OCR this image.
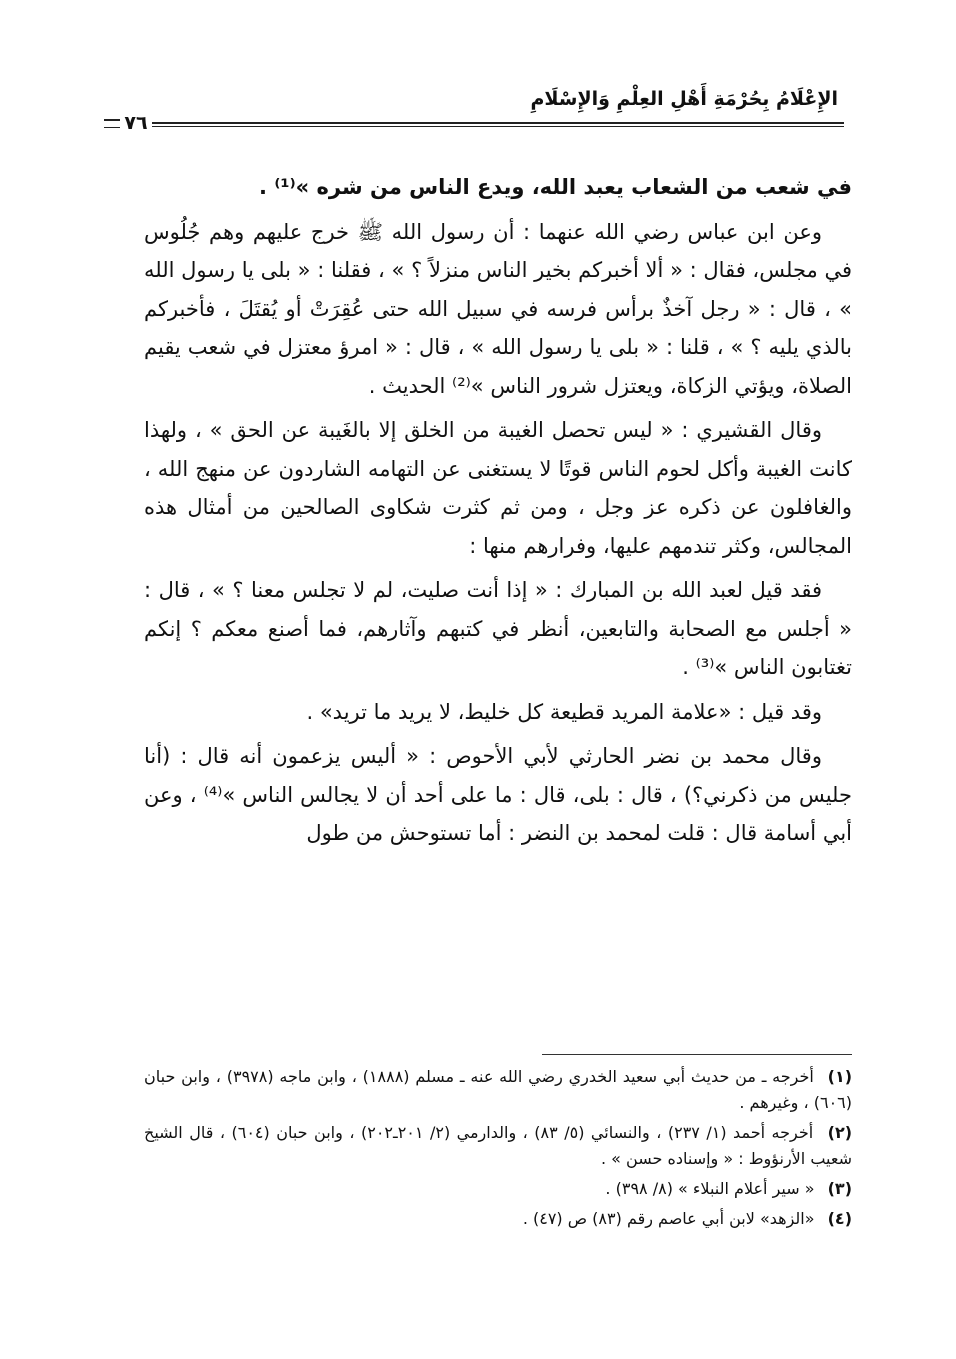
الإِعْلَامُ بِحُرْمَةِ أَهْلِ العِلْمِ وَالإِسْلَامِ
٧٦

في شعب من الشعاب يعبد الله، ويدع الناس من شره »⁽¹⁾ .

وعن ابن عباس رضي الله عنهما : أن رسول الله ﷺ خرج عليهم وهم جُلُوس في مجلس، فقال : « ألا أخبركم بخير الناس منزلاً ؟ » ، فقلنا : « بلى يا رسول الله » ، قال : « رجل آخذٌ برأس فرسه في سبيل الله حتى عُقِرَتْ أو يُقتَلَ ، فأخبركم بالذي يليه ؟ » ، قلنا : « بلى يا رسول الله » ، قال : « امرؤ معتزل في شعب يقيم الصلاة، ويؤتي الزكاة، ويعتزل شرور الناس »⁽²⁾ الحديث .

وقال القشيري : « ليس تحصل الغيبة من الخلق إلا بالغَيبة عن الحق » ، ولهذا كانت الغيبة وأكل لحوم الناس قوتًا لا يستغنى عن التهامه الشاردون عن منهج الله ، والغافلون عن ذكره عز وجل ، ومن ثم كثرت شكاوى الصالحين من أمثال هذه المجالس، وكثر تندمهم عليها، وفرارهم منها :

فقد قيل لعبد الله بن المبارك : « إذا أنت صليت، لم لا تجلس معنا ؟ » ، قال : « أجلس مع الصحابة والتابعين، أنظر في كتبهم وآثارهم، فما أصنع معكم ؟ إنكم تغتابون الناس »⁽³⁾ .

وقد قيل : «علامة المريد قطيعة كل خليط، لا يريد ما تريد» .

وقال محمد بن نضر الحارثي لأبي الأحوص : « أليس يزعمون أنه قال : (أنا جليس من ذكرني؟) ، قال : بلى، قال : ما على أحد أن لا يجالس الناس »⁽⁴⁾ ، وعن أبي أسامة قال : قلت لمحمد بن النضر : أما تستوحش من طول

(١) أخرجه ـ من حديث أبي سعيد الخدري رضي الله عنه ـ مسلم (١٨٨٨) ، وابن ماجه (٣٩٧٨) ، وابن حبان (٦٠٦) ، وغيرهم .
(٢) أخرجه أحمد (١/ ٢٣٧) ، والنسائي (٥/ ٨٣) ، والدارمي (٢/ ٢٠١ـ٢٠٢) ، وابن حبان (٦٠٤) ، قال الشيخ شعيب الأرنؤوط : « وإسناده حسن » .
(٣) « سير أعلام النبلاء » (٨/ ٣٩٨) .
(٤) «الزهد» لابن أبي عاصم رقم (٨٣) ص (٤٧) .
